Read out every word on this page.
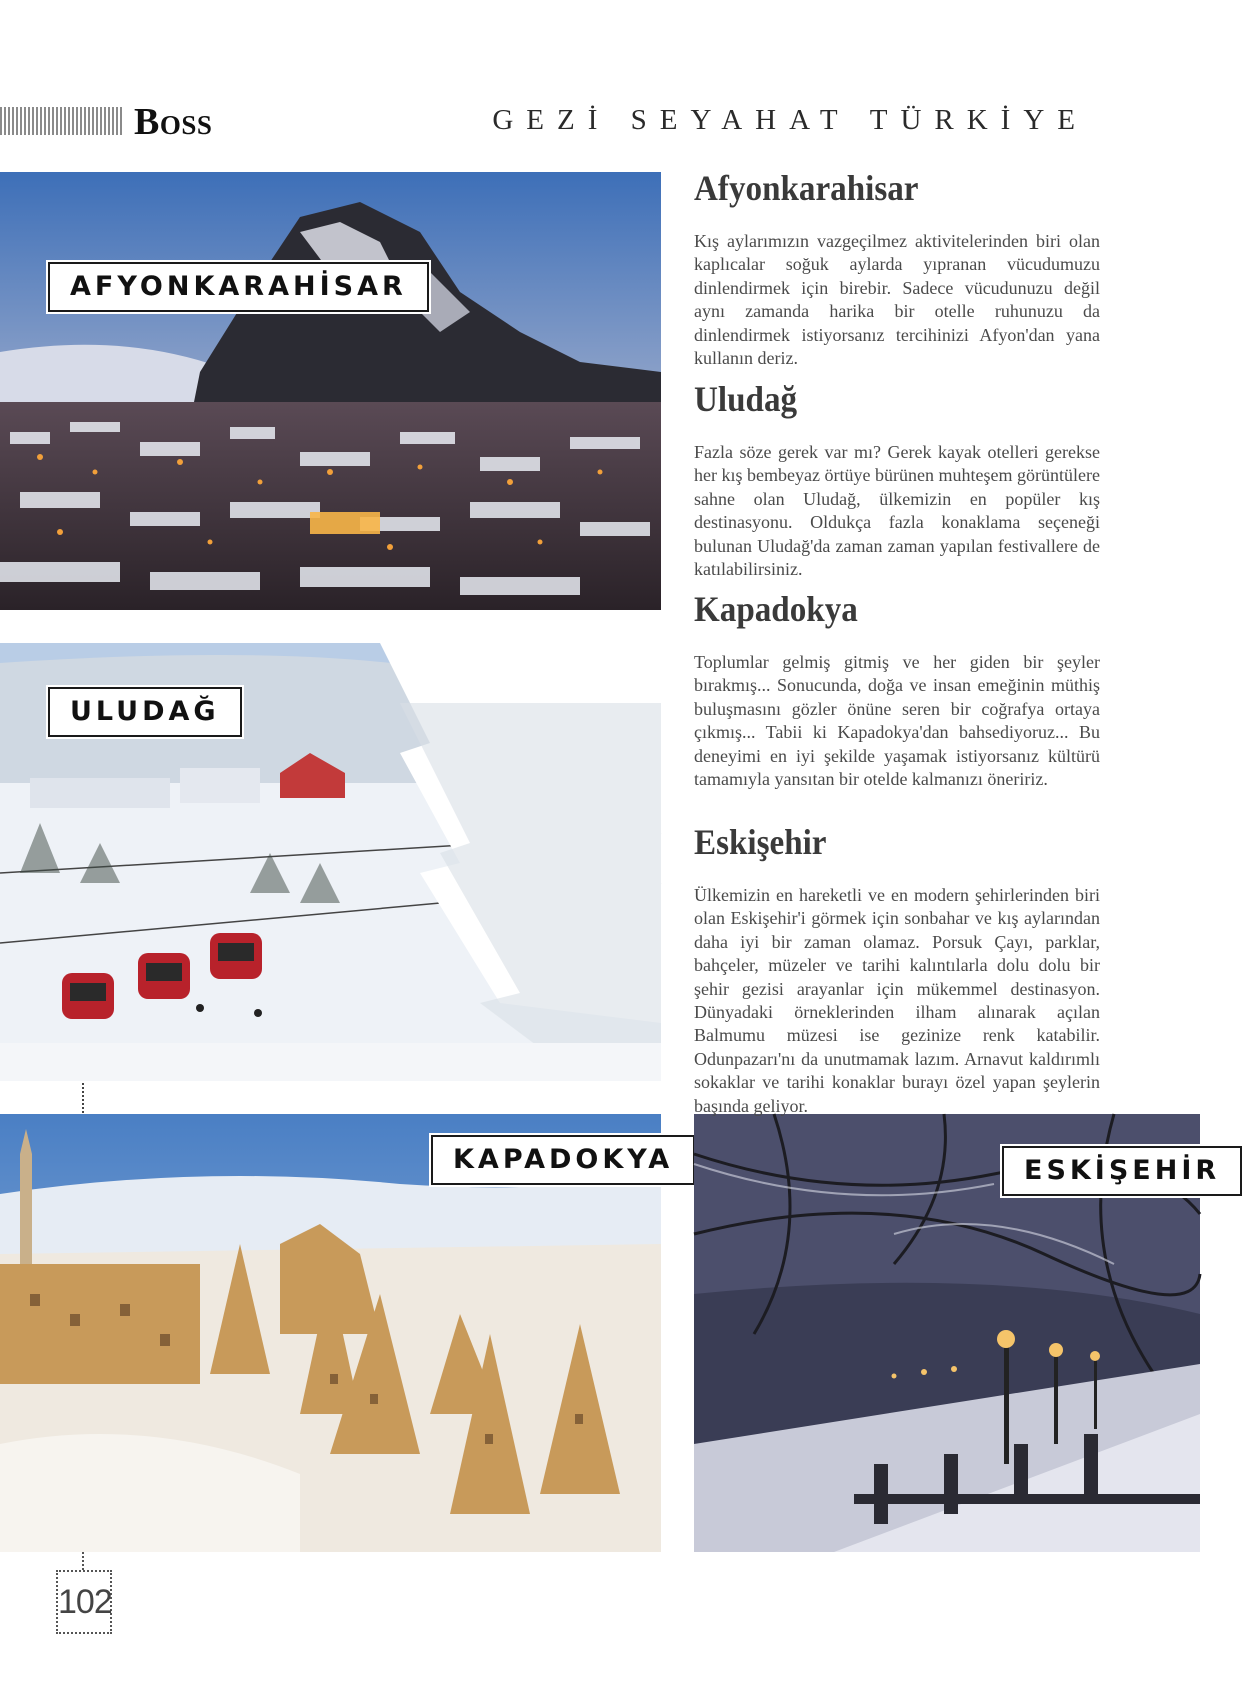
Boss	GEZİ SEYAHAT TÜRKİYE
AFYONKARAHİSAR
ULUDAĞ
KAPADOKYA	ESKİŞEHİR
Afyonkarahisar

Kış aylarımızın vazgeçilmez aktivitelerinden biri olan kaplıcalar soğuk aylarda yıpranan vücudumuzu dinlendirmek için birebir. Sadece vücudunuzu değil aynı zamanda harika bir otelle ruhunuzu da dinlendirmek istiyorsanız tercihinizi Afyon'dan yana kullanın deriz.

Uludağ

Fazla söze gerek var mı? Gerek kayak otelleri gerekse her kış bembeyaz örtüye bürünen muhteşem görüntülere sahne olan Uludağ, ülkemizin en popüler kış destinasyonu. Oldukça fazla konaklama seçeneği bulunan Uludağ'da zaman zaman yapılan festivallere de katılabilirsiniz.

Kapadokya

Toplumlar gelmiş gitmiş ve her giden bir şeyler bırakmış... Sonucunda, doğa ve insan emeğinin müthiş buluşmasını gözler önüne seren bir coğrafya ortaya çıkmış... Tabii ki Kapadokya'dan bahsediyoruz... Bu deneyimi en iyi şekilde yaşamak istiyorsanız kültürü tamamıyla yansıtan bir otelde kalmanızı öneririz.

Eskişehir

Ülkemizin en hareketli ve en modern şehirlerinden biri olan Eskişehir'i görmek için sonbahar ve kış aylarından daha iyi bir zaman olamaz. Porsuk Çayı, parklar, bahçeler, müzeler ve tarihi kalıntılarla dolu dolu bir şehir gezisi arayanlar için mükemmel destinasyon. Dünyadaki örneklerinden ilham alınarak açılan Balmumu müzesi ise gezinize renk katabilir. Odunpazarı'nı da unutmamak lazım. Arnavut kaldırımlı sokaklar ve tarihi konaklar burayı özel yapan şeylerin başında geliyor.

102
